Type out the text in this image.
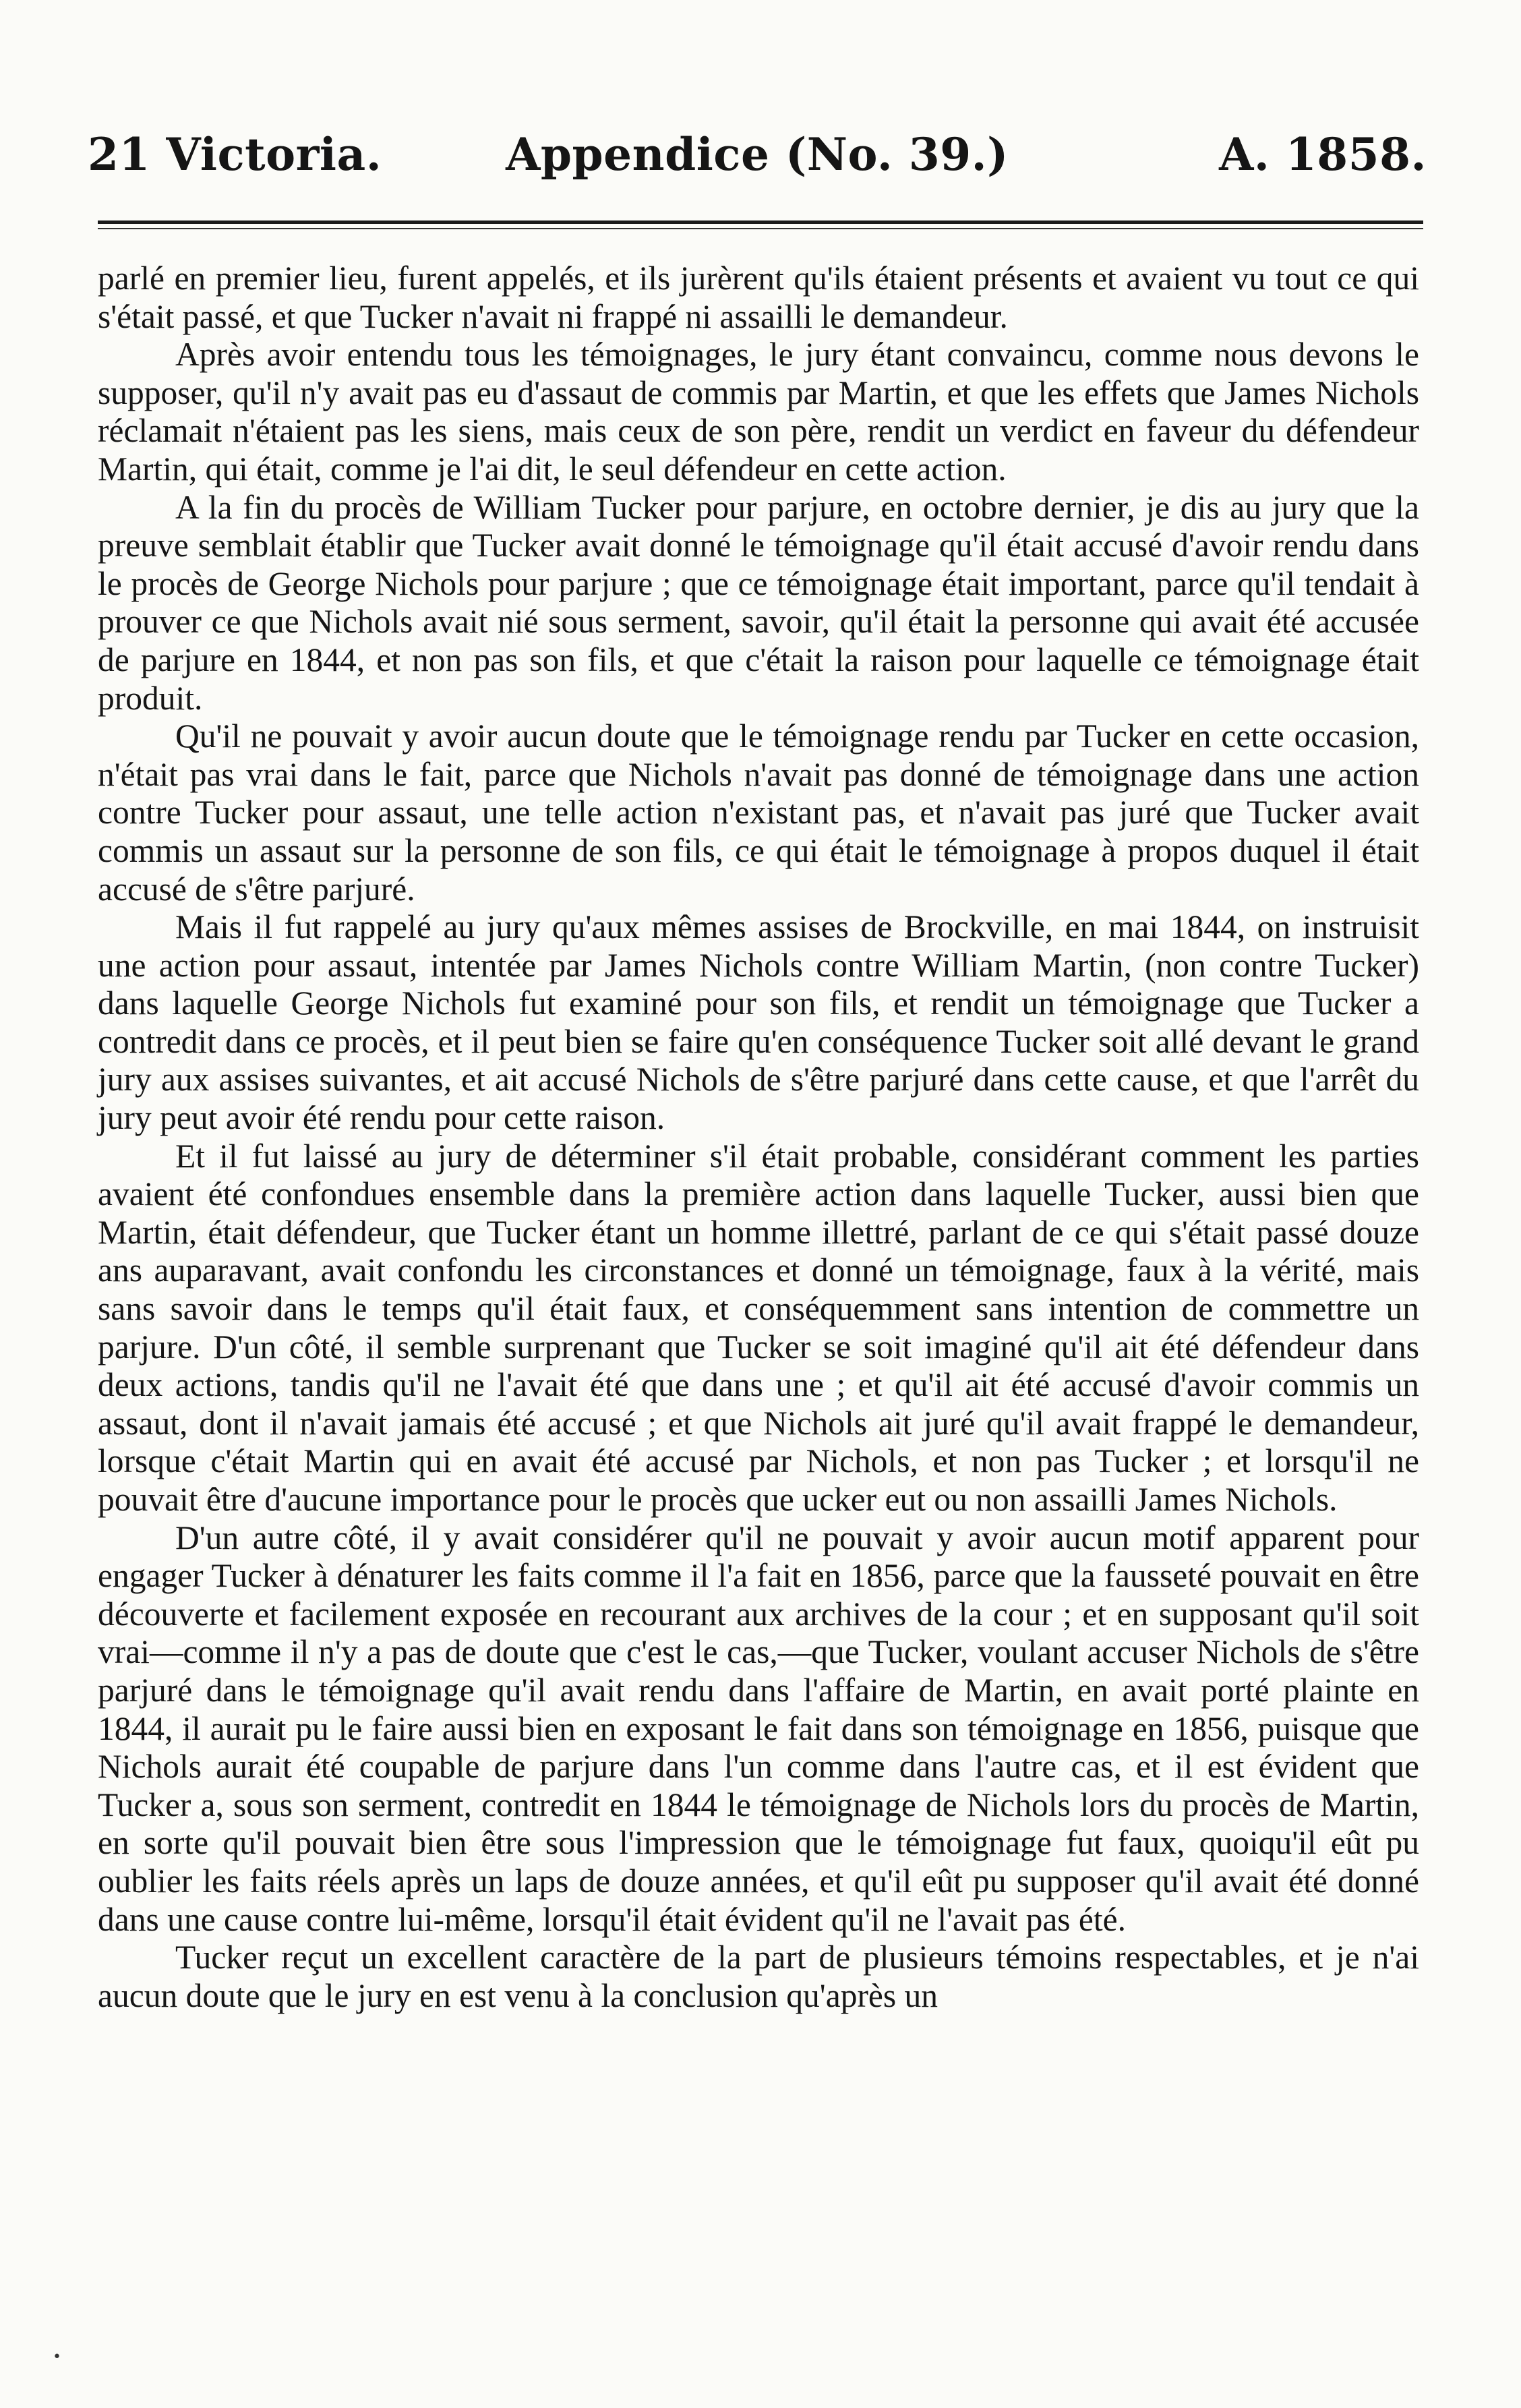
21 Victoria.	Appendice (No. 39.)	A. 1858.

parlé en premier lieu, furent appelés, et ils jurèrent qu'ils étaient présents et avaient vu tout ce qui s'était passé, et que Tucker n'avait ni frappé ni assailli le demandeur.

Après avoir entendu tous les témoignages, le jury étant convaincu, comme nous devons le supposer, qu'il n'y avait pas eu d'assaut de commis par Martin, et que les effets que James Nichols réclamait n'étaient pas les siens, mais ceux de son père, rendit un verdict en faveur du défendeur Martin, qui était, comme je l'ai dit, le seul défendeur en cette action.

A la fin du procès de William Tucker pour parjure, en octobre dernier, je dis au jury que la preuve semblait établir que Tucker avait donné le témoignage qu'il était accusé d'avoir rendu dans le procès de George Nichols pour parjure ; que ce témoignage était important, parce qu'il tendait à prouver ce que Nichols avait nié sous serment, savoir, qu'il était la personne qui avait été accusée de parjure en 1844, et non pas son fils, et que c'était la raison pour laquelle ce témoignage était produit.

Qu'il ne pouvait y avoir aucun doute que le témoignage rendu par Tucker en cette occasion, n'était pas vrai dans le fait, parce que Nichols n'avait pas donné de témoignage dans une action contre Tucker pour assaut, une telle action n'existant pas, et n'avait pas juré que Tucker avait commis un assaut sur la personne de son fils, ce qui était le témoignage à propos duquel il était accusé de s'être parjuré.

Mais il fut rappelé au jury qu'aux mêmes assises de Brockville, en mai 1844, on instruisit une action pour assaut, intentée par James Nichols contre William Martin, (non contre Tucker) dans laquelle George Nichols fut examiné pour son fils, et rendit un témoignage que Tucker a contredit dans ce procès, et il peut bien se faire qu'en conséquence Tucker soit allé devant le grand jury aux assises suivantes, et ait accusé Nichols de s'être parjuré dans cette cause, et que l'arrêt du jury peut avoir été rendu pour cette raison.

Et il fut laissé au jury de déterminer s'il était probable, considérant comment les parties avaient été confondues ensemble dans la première action dans laquelle Tucker, aussi bien que Martin, était défendeur, que Tucker étant un homme illettré, parlant de ce qui s'était passé douze ans auparavant, avait confondu les circonstances et donné un témoignage, faux à la vérité, mais sans savoir dans le temps qu'il était faux, et conséquemment sans intention de commettre un parjure. D'un côté, il semble surprenant que Tucker se soit imaginé qu'il ait été défendeur dans deux actions, tandis qu'il ne l'avait été que dans une ; et qu'il ait été accusé d'avoir commis un assaut, dont il n'avait jamais été accusé ; et que Nichols ait juré qu'il avait frappé le demandeur, lorsque c'était Martin qui en avait été accusé par Nichols, et non pas Tucker ; et lorsqu'il ne pouvait être d'aucune importance pour le procès que ucker eut ou non assailli James Nichols.

D'un autre côté, il y avait considérer qu'il ne pouvait y avoir aucun motif apparent pour engager Tucker à dénaturer les faits comme il l'a fait en 1856, parce que la fausseté pouvait en être découverte et facilement exposée en recourant aux archives de la cour ; et en supposant qu'il soit vrai—comme il n'y a pas de doute que c'est le cas,—que Tucker, voulant accuser Nichols de s'être parjuré dans le témoignage qu'il avait rendu dans l'affaire de Martin, en avait porté plainte en 1844, il aurait pu le faire aussi bien en exposant le fait dans son témoignage en 1856, puisque que Nichols aurait été coupable de parjure dans l'un comme dans l'autre cas, et il est évident que Tucker a, sous son serment, contredit en 1844 le témoignage de Nichols lors du procès de Martin, en sorte qu'il pouvait bien être sous l'impression que le témoignage fut faux, quoiqu'il eût pu oublier les faits réels après un laps de douze années, et qu'il eût pu supposer qu'il avait été donné dans une cause contre lui-même, lorsqu'il était évident qu'il ne l'avait pas été.

Tucker reçut un excellent caractère de la part de plusieurs témoins respectables, et je n'ai aucun doute que le jury en est venu à la conclusion qu'après un

•
